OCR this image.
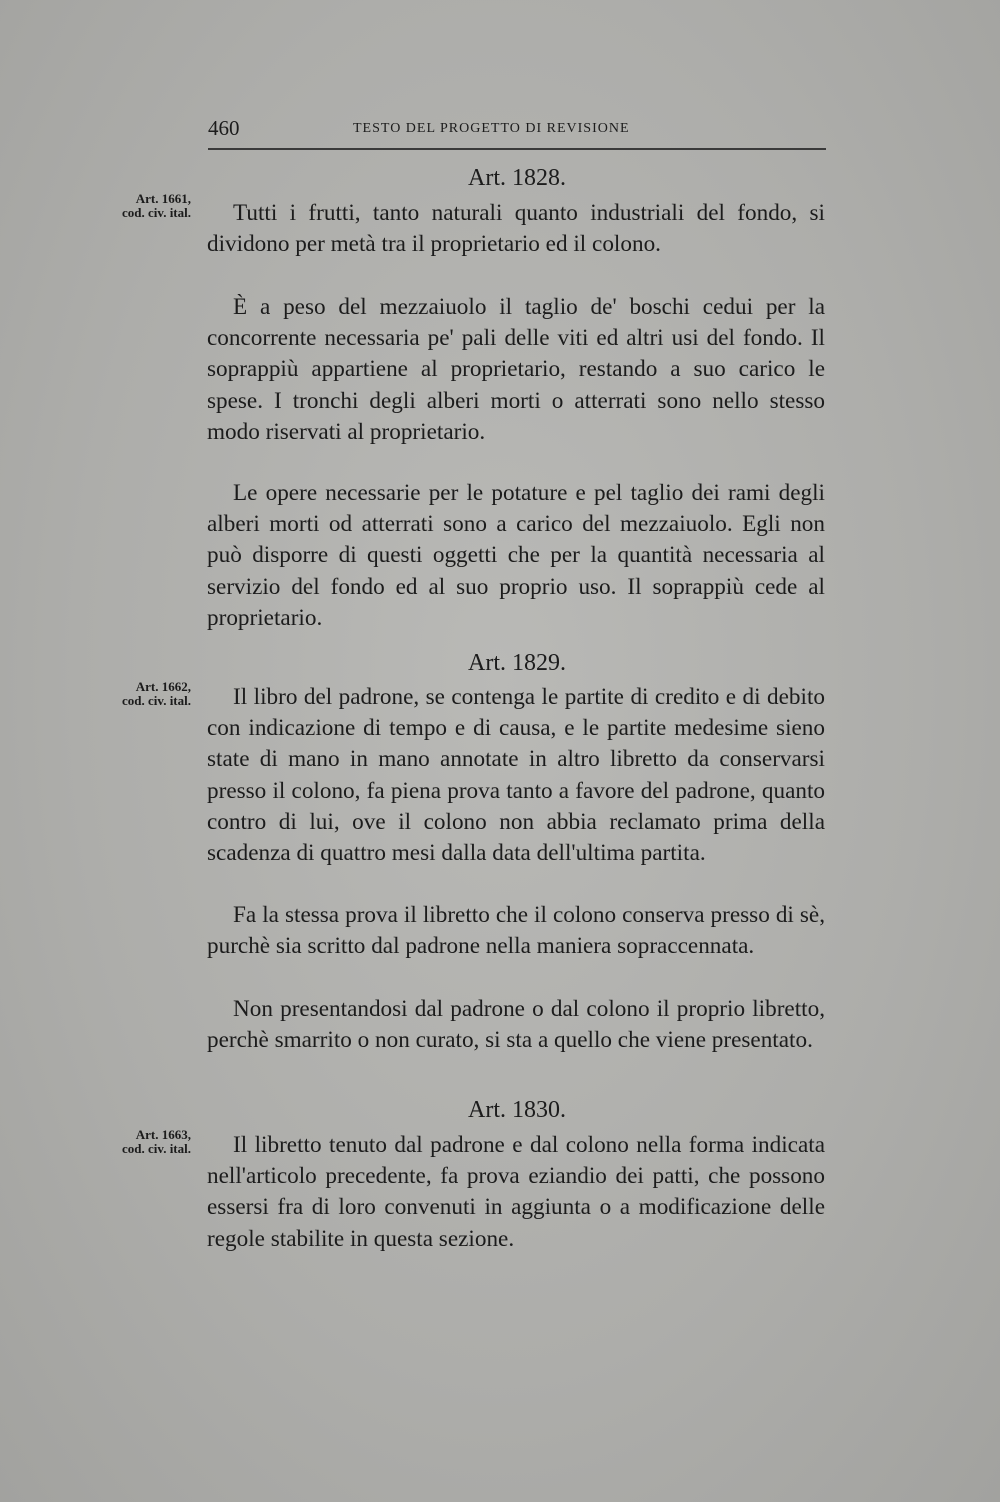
460	TESTO DEL PROGETTO DI REVISIONE
Art. 1828.
Art. 1661,
cod. civ. ital.	Tutti i frutti, tanto naturali quanto industriali del fondo, si dividono per metà tra il proprietario ed il colono.

È a peso del mezzaiuolo il taglio de' boschi cedui per la concorrente necessaria pe' pali delle viti ed altri usi del fondo. Il soprappiù appartiene al proprietario, restando a suo carico le spese. I tronchi degli alberi morti o atterrati sono nello stesso modo riservati al proprietario.

Le opere necessarie per le potature e pel taglio dei rami degli alberi morti od atterrati sono a carico del mezzaiuolo. Egli non può disporre di questi oggetti che per la quantità necessaria al servizio del fondo ed al suo proprio uso. Il soprappiù cede al proprietario.

Art. 1829.
Art. 1662,
cod. civ. ital.	Il libro del padrone, se contenga le partite di credito e di debito con indicazione di tempo e di causa, e le partite medesime sieno state di mano in mano annotate in altro libretto da conservarsi presso il colono, fa piena prova tanto a favore del padrone, quanto contro di lui, ove il colono non abbia reclamato prima della scadenza di quattro mesi dalla data dell'ultima partita.

Fa la stessa prova il libretto che il colono conserva presso di sè, purchè sia scritto dal padrone nella maniera sopraccennata.

Non presentandosi dal padrone o dal colono il proprio libretto, perchè smarrito o non curato, si sta a quello che viene presentato.

Art. 1830.
Art. 1663,
cod. civ. ital.	Il libretto tenuto dal padrone e dal colono nella forma indicata nell'articolo precedente, fa prova eziandio dei patti, che possono essersi fra di loro convenuti in aggiunta o a modificazione delle regole stabilite in questa sezione.
